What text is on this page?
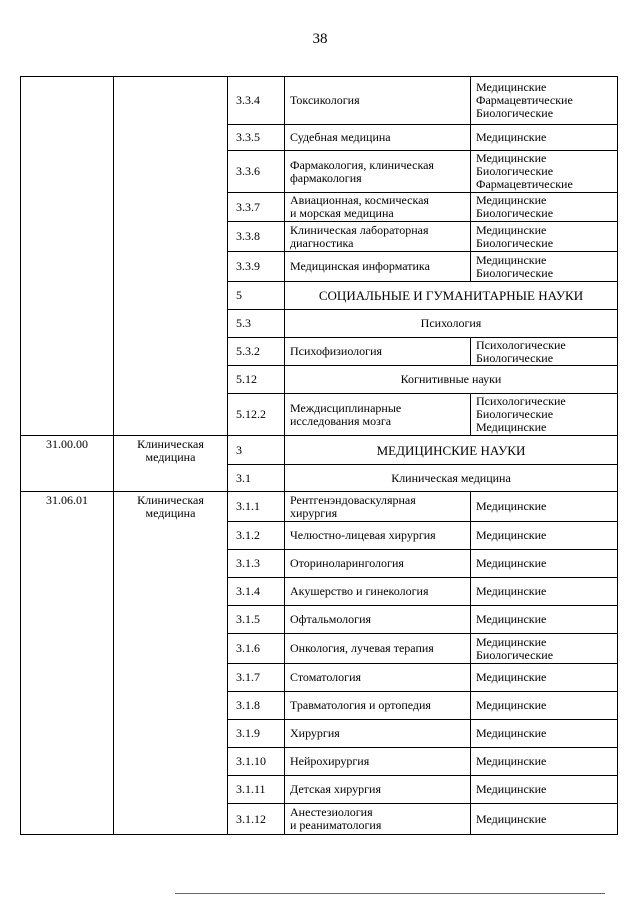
38
		3.3.4	Токсикология	Медицинские
Фармацевтические
Биологические
		3.3.5	Судебная медицина	Медицинские
		3.3.6	Фармакология, клиническая
фармакология	Медицинские
Биологические
Фармацевтические
		3.3.7	Авиационная, космическая
и морская медицина	Медицинские
Биологические
		3.3.8	Клиническая лабораторная
диагностика	Медицинские
Биологические
		3.3.9	Медицинская информатика	Медицинские
Биологические
		5	СОЦИАЛЬНЫЕ И ГУМАНИТАРНЫЕ НАУКИ	
		5.3	Психология	
		5.3.2	Психофизиология	Психологические
Биологические
		5.12	Когнитивные науки	
		5.12.2	Междисциплинарные
исследования мозга	Психологические
Биологические
Медицинские
31.00.00	Клиническая
медицина	3	МЕДИЦИНСКИЕ НАУКИ	
		3.1	Клиническая медицина	
31.06.01	Клиническая
медицина	3.1.1	Рентгенэндоваскулярная
хирургия	Медицинские
		3.1.2	Челюстно-лицевая хирургия	Медицинские
		3.1.3	Оториноларингология	Медицинские
		3.1.4	Акушерство и гинекология	Медицинские
		3.1.5	Офтальмология	Медицинские
		3.1.6	Онкология, лучевая терапия	Медицинские
Биологические
		3.1.7	Стоматология	Медицинские
		3.1.8	Травматология и ортопедия	Медицинские
		3.1.9	Хирургия	Медицинские
		3.1.10	Нейрохирургия	Медицинские
		3.1.11	Детская хирургия	Медицинские
		3.1.12	Анестезиология
и реаниматология	Медицинские
